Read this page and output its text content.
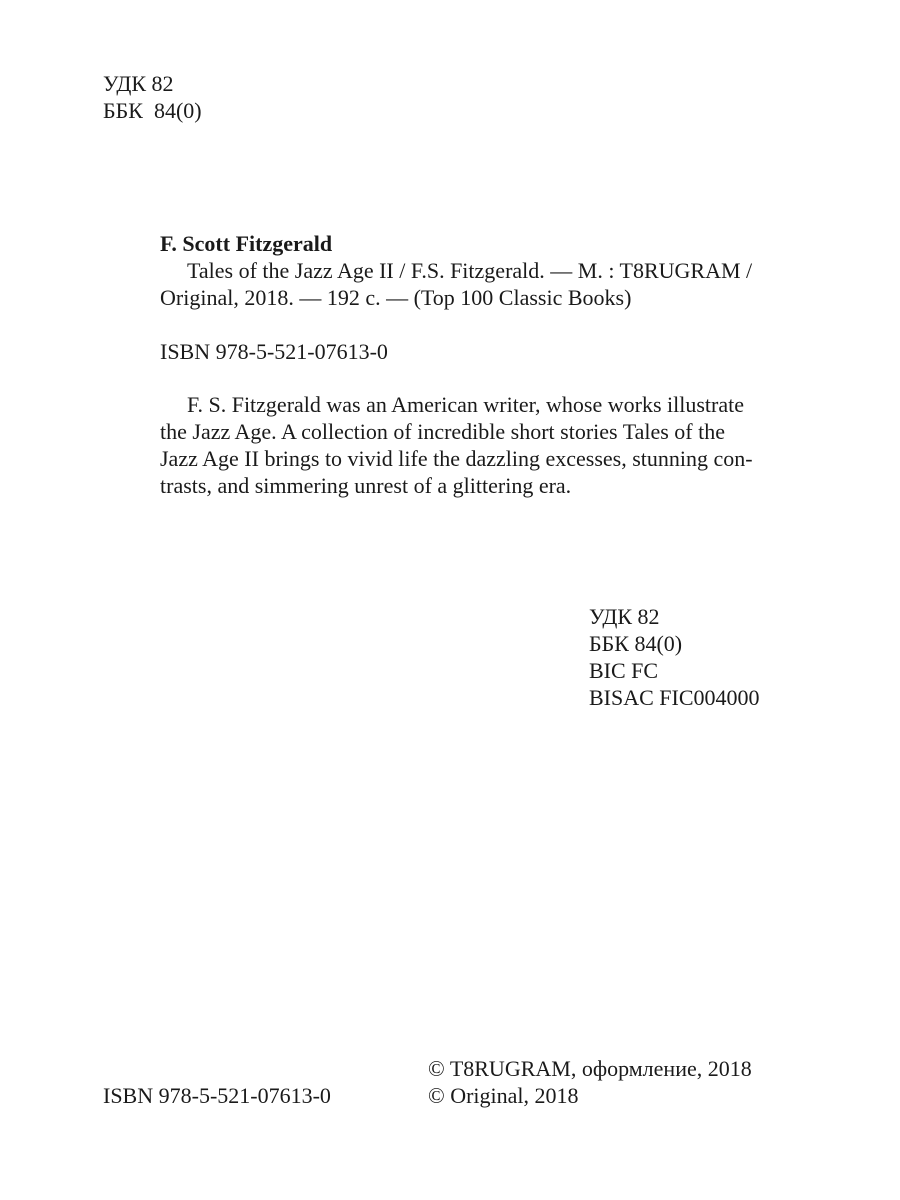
УДК 82
ББК  84(0)
F. Scott Fitzgerald
Tales of the Jazz Age II / F.S. Fitzgerald. — M. : T8RUGRAM /
Original, 2018. — 192 c. — (Top 100 Classic Books)
ISBN 978-5-521-07613-0
F. S. Fitzgerald was an American writer, whose works illustrate
the Jazz Age. A collection of incredible short stories Tales of the
Jazz Age II brings to vivid life the dazzling excesses, stunning con-
trasts, and simmering unrest of a glittering era.
УДК 82
ББК 84(0)
BIC FC
BISAC FIC004000
© T8RUGRAM, оформление, 2018
© Original, 2018
ISBN 978-5-521-07613-0
